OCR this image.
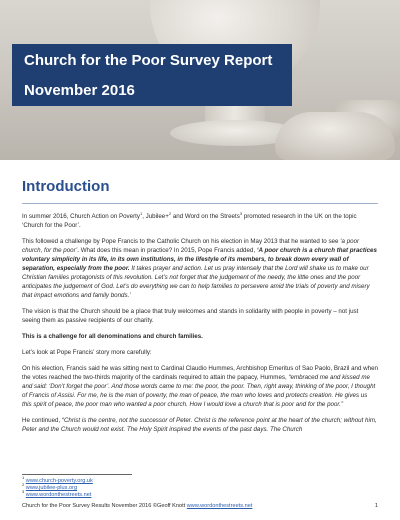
Church for the Poor Survey Report
November 2016
Introduction

In summer 2016, Church Action on Poverty$^1$, Jubilee+$^2$ and Word on the Streets$^3$ promoted research in the UK on the topic ‘Church for the Poor’.

This followed a challenge by Pope Francis to the Catholic Church on his election in May 2013 that he wanted to see ‘a poor church, for the poor’. What does this mean in practice? In 2015, Pope Francis added, ‘A poor church is a church that practices voluntary simplicity in its life, in its own institutions, in the lifestyle of its members, to break down every wall of separation, especially from the poor. It takes prayer and action. Let us pray intensely that the Lord will shake us to make our Christian families protagonists of this revolution. Let’s not forget that the judgement of the needy, the little ones and the poor anticipates the judgement of God. Let’s do everything we can to help families to persevere amid the trials of poverty and misery that impact emotions and family bonds.’

The vision is that the Church should be a place that truly welcomes and stands in solidarity with people in poverty – not just seeing them as passive recipients of our charity.

This is a challenge for all denominations and church families.

Let’s look at Pope Francis’ story more carefully:

On his election, Francis said he was sitting next to Cardinal Claudio Hummes, Archbishop Emeritus of Sao Paolo, Brazil and when the votes reached the two-thirds majority of the cardinals required to attain the papacy, Hummes, “embraced me and kissed me and said: ‘Don’t forget the poor’. And those words came to me: the poor, the poor. Then, right away, thinking of the poor, I thought of Francis of Assisi. For me, he is the man of poverty, the man of peace, the man who loves and protects creation. He gives us this spirit of peace, the poor man who wanted a poor church. How I would love a church that is poor and for the poor.”

He continued, “Christ is the centre, not the successor of Peter. Christ is the reference point at the heart of the church; without him, Peter and the Church would not exist. The Holy Spirit inspired the events of the past days. The Church

$^1$ www.church-poverty.org.uk
$^2$ www.jubilee-plus.org
$^3$ www.wordonthestreets.net
Church for the Poor Survey Results November 2016 ©Geoff Knott www.wordonthestreets.net	1
